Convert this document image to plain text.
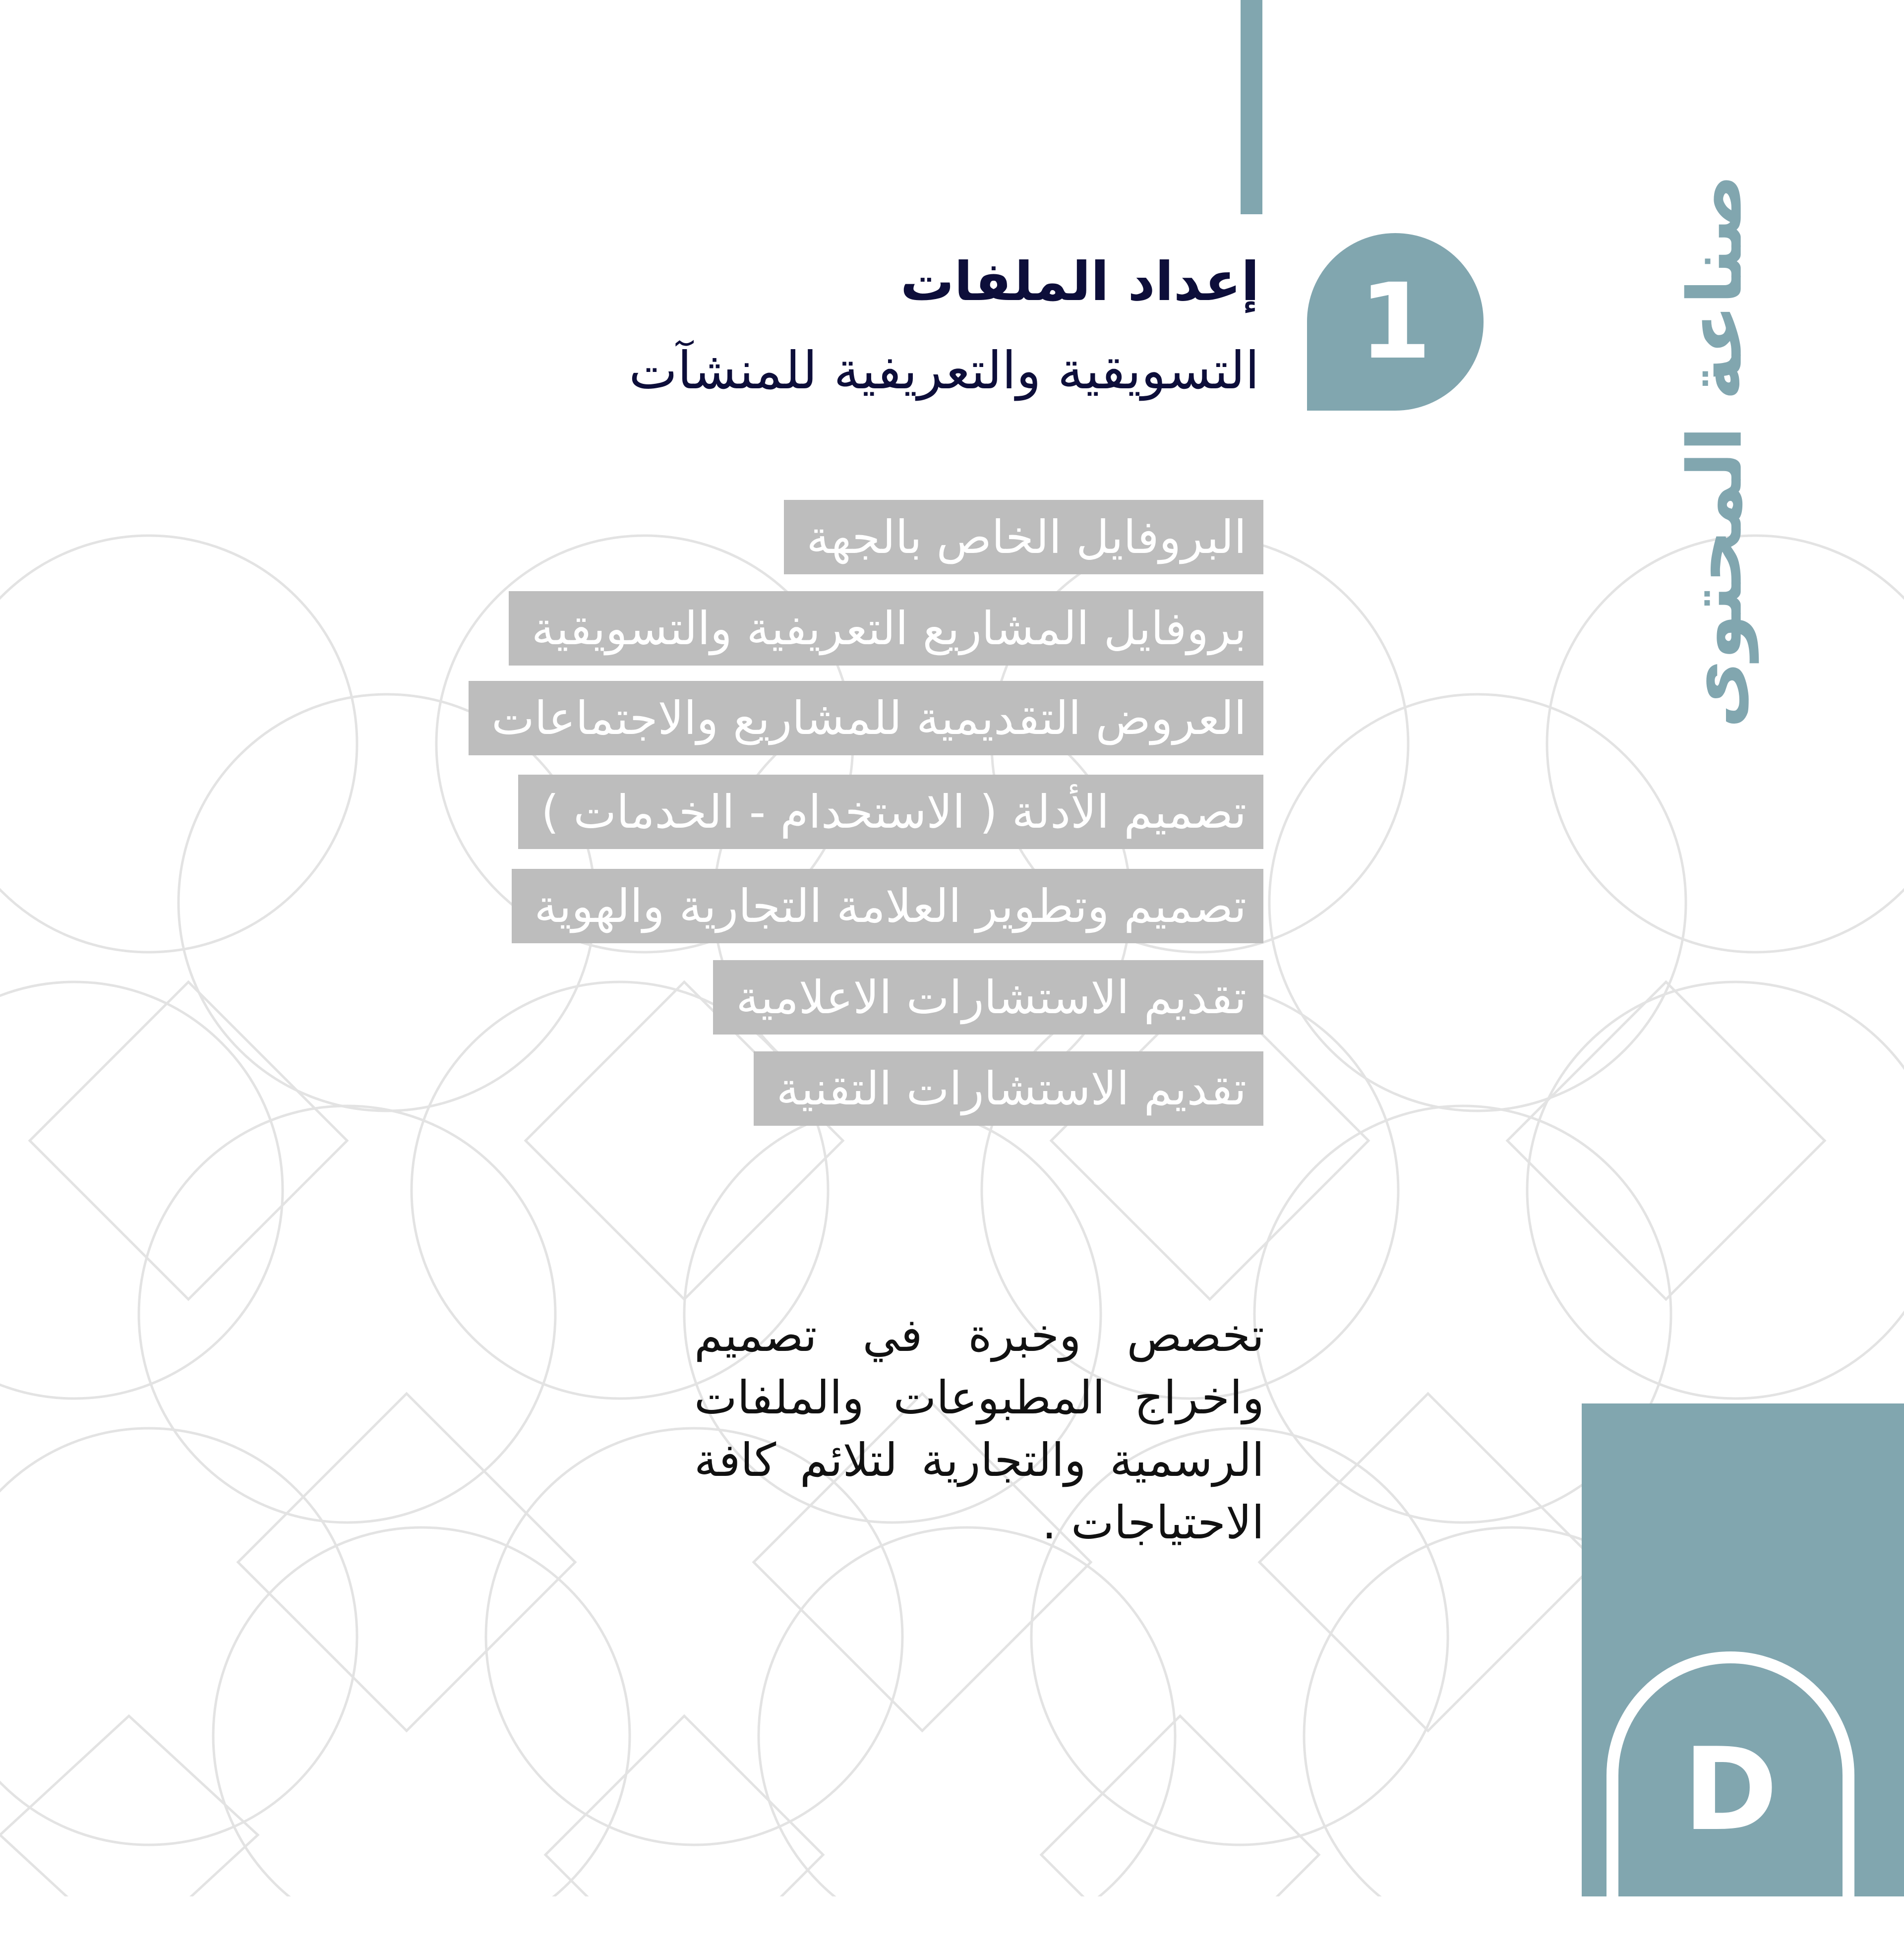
1
إعداد الملفات
التسويقية والتعريفية للمنشآت	صناعة المحتوى
البروفايل الخاص بالجهة
بروفايل المشاريع التعريفية والتسويقية
العروض التقديمية للمشاريع والاجتماعات
تصميم الأدلة ( الاستخدام - الخدمات )
تصميم وتطوير العلامة التجارية والهوية
تقديم الاستشارات الاعلامية
تقديم الاستشارات التقنية
تخصص وخبرة في تصميم واخراج المطبوعات والملفات الرسمية والتجارية لتلائم كافة الاحتياجات .
D
